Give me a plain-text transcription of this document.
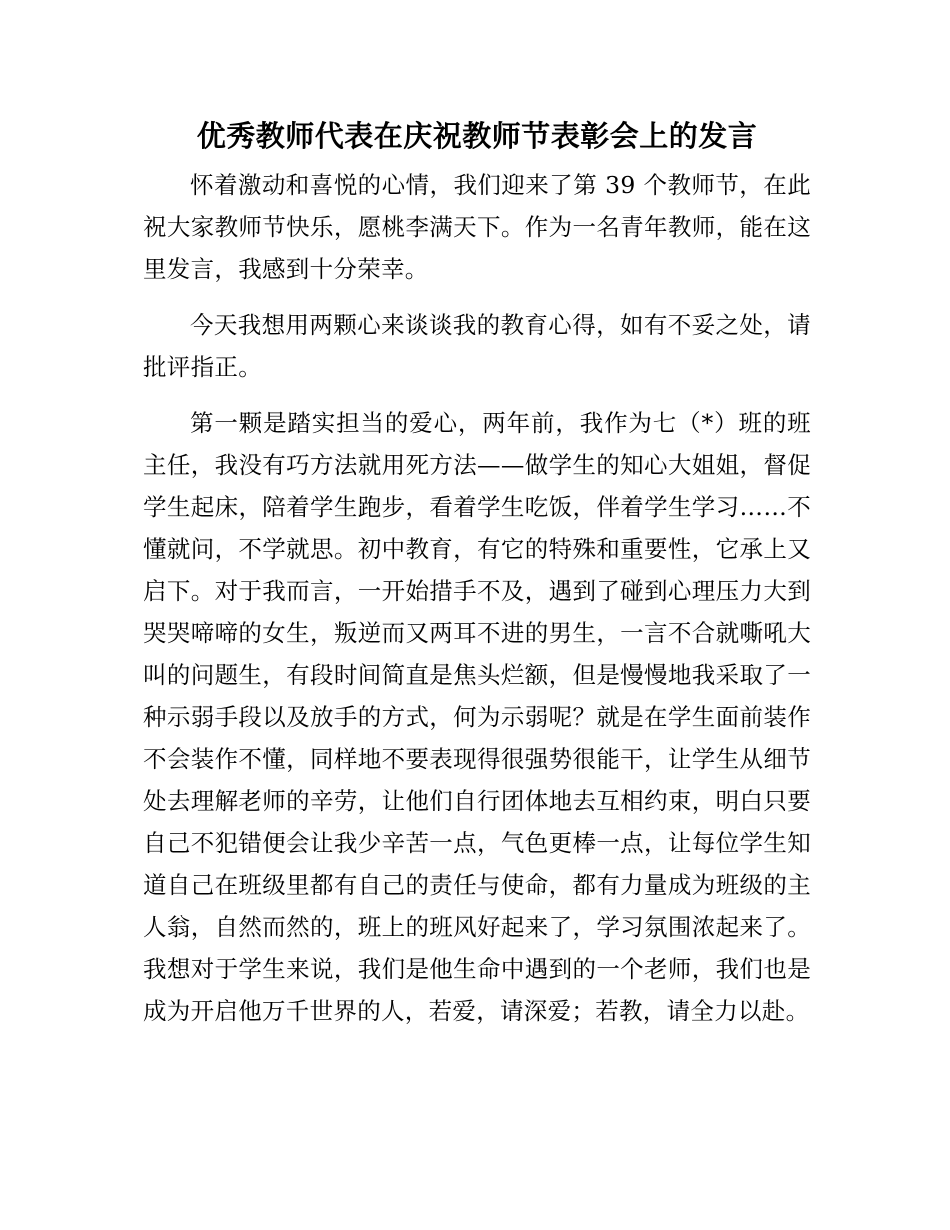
优秀教师代表在庆祝教师节表彰会上的发言

怀着激动和喜悦的心情，我们迎来了第 39 个教师节，在此祝大家教师节快乐，愿桃李满天下。作为一名青年教师，能在这里发言，我感到十分荣幸。

今天我想用两颗心来谈谈我的教育心得，如有不妥之处，请批评指正。

第一颗是踏实担当的爱心，两年前，我作为七（*）班的班主任，我没有巧方法就用死方法——做学生的知心大姐姐，督促学生起床，陪着学生跑步，看着学生吃饭，伴着学生学习……不懂就问，不学就思。初中教育，有它的特殊和重要性，它承上又启下。对于我而言，一开始措手不及，遇到了碰到心理压力大到哭哭啼啼的女生，叛逆而又两耳不进的男生，一言不合就嘶吼大叫的问题生，有段时间简直是焦头烂额，但是慢慢地我采取了一种示弱手段以及放手的方式，何为示弱呢？就是在学生面前装作不会装作不懂，同样地不要表现得很强势很能干，让学生从细节处去理解老师的辛劳，让他们自行团体地去互相约束，明白只要自己不犯错便会让我少辛苦一点，气色更棒一点，让每位学生知道自己在班级里都有自己的责任与使命，都有力量成为班级的主人翁，自然而然的，班上的班风好起来了，学习氛围浓起来了。我想对于学生来说，我们是他生命中遇到的一个老师，我们也是成为开启他万千世界的人，若爱，请深爱；若教，请全力以赴。
